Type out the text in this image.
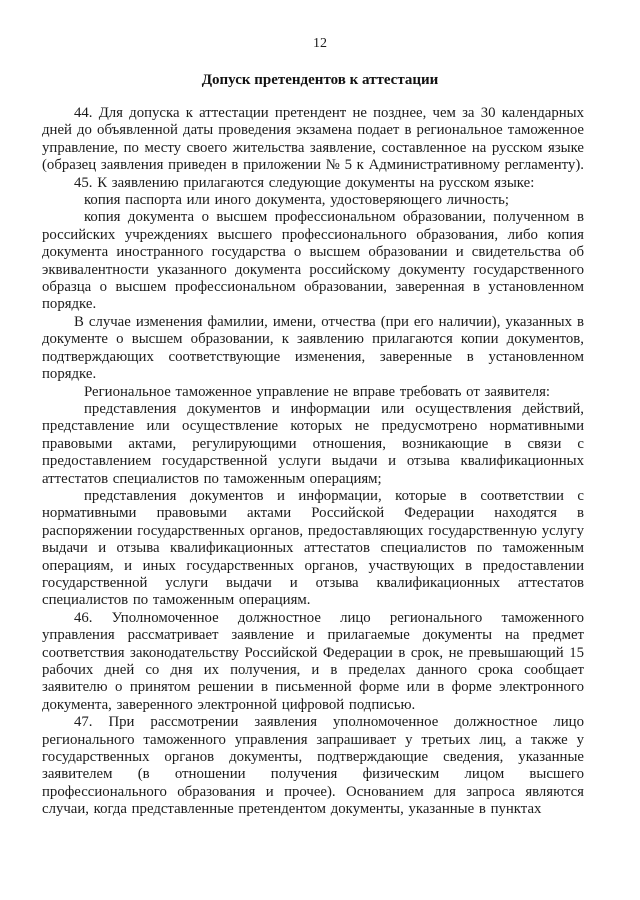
12
Допуск претендентов к аттестации

44. Для допуска к аттестации претендент не позднее, чем за 30 календарных дней до объявленной даты проведения экзамена подает в региональное таможенное управление, по месту своего жительства заявление, составленное на русском языке (образец заявления приведен в приложении № 5 к Административному регламенту).

45. К заявлению прилагаются следующие документы на русском языке:

копия паспорта или иного документа, удостоверяющего личность;

копия документа о высшем профессиональном образовании, полученном в российских учреждениях высшего профессионального образования, либо копия документа иностранного государства о высшем образовании и свидетельства об эквивалентности указанного документа российскому документу государственного образца о высшем профессиональном образовании, заверенная в установленном порядке.

В случае изменения фамилии, имени, отчества (при его наличии), указанных в документе о высшем образовании, к заявлению прилагаются копии документов, подтверждающих соответствующие изменения, заверенные в установленном порядке.

Региональное таможенное управление не вправе требовать от заявителя:

представления документов и информации или осуществления действий, представление или осуществление которых не предусмотрено нормативными правовыми актами, регулирующими отношения, возникающие в связи с предоставлением государственной услуги выдачи и отзыва квалификационных аттестатов специалистов по таможенным операциям;

представления документов и информации, которые в соответствии с нормативными правовыми актами Российской Федерации находятся в распоряжении государственных органов, предоставляющих государственную услугу выдачи и отзыва квалификационных аттестатов специалистов по таможенным операциям, и иных государственных органов, участвующих в предоставлении государственной услуги выдачи и отзыва квалификационных аттестатов специалистов по таможенным операциям.

46. Уполномоченное должностное лицо регионального таможенного управления рассматривает заявление и прилагаемые документы на предмет соответствия законодательству Российской Федерации в срок, не превышающий 15 рабочих дней со дня их получения, и в пределах данного срока сообщает заявителю о принятом решении в письменной форме или в форме электронного документа, заверенного электронной цифровой подписью.

47. При рассмотрении заявления уполномоченное должностное лицо регионального таможенного управления запрашивает у третьих лиц, а также у государственных органов документы, подтверждающие сведения, указанные заявителем (в отношении получения физическим лицом высшего профессионального образования и прочее). Основанием для запроса являются случаи, когда представленные претендентом документы, указанные в пунктах
